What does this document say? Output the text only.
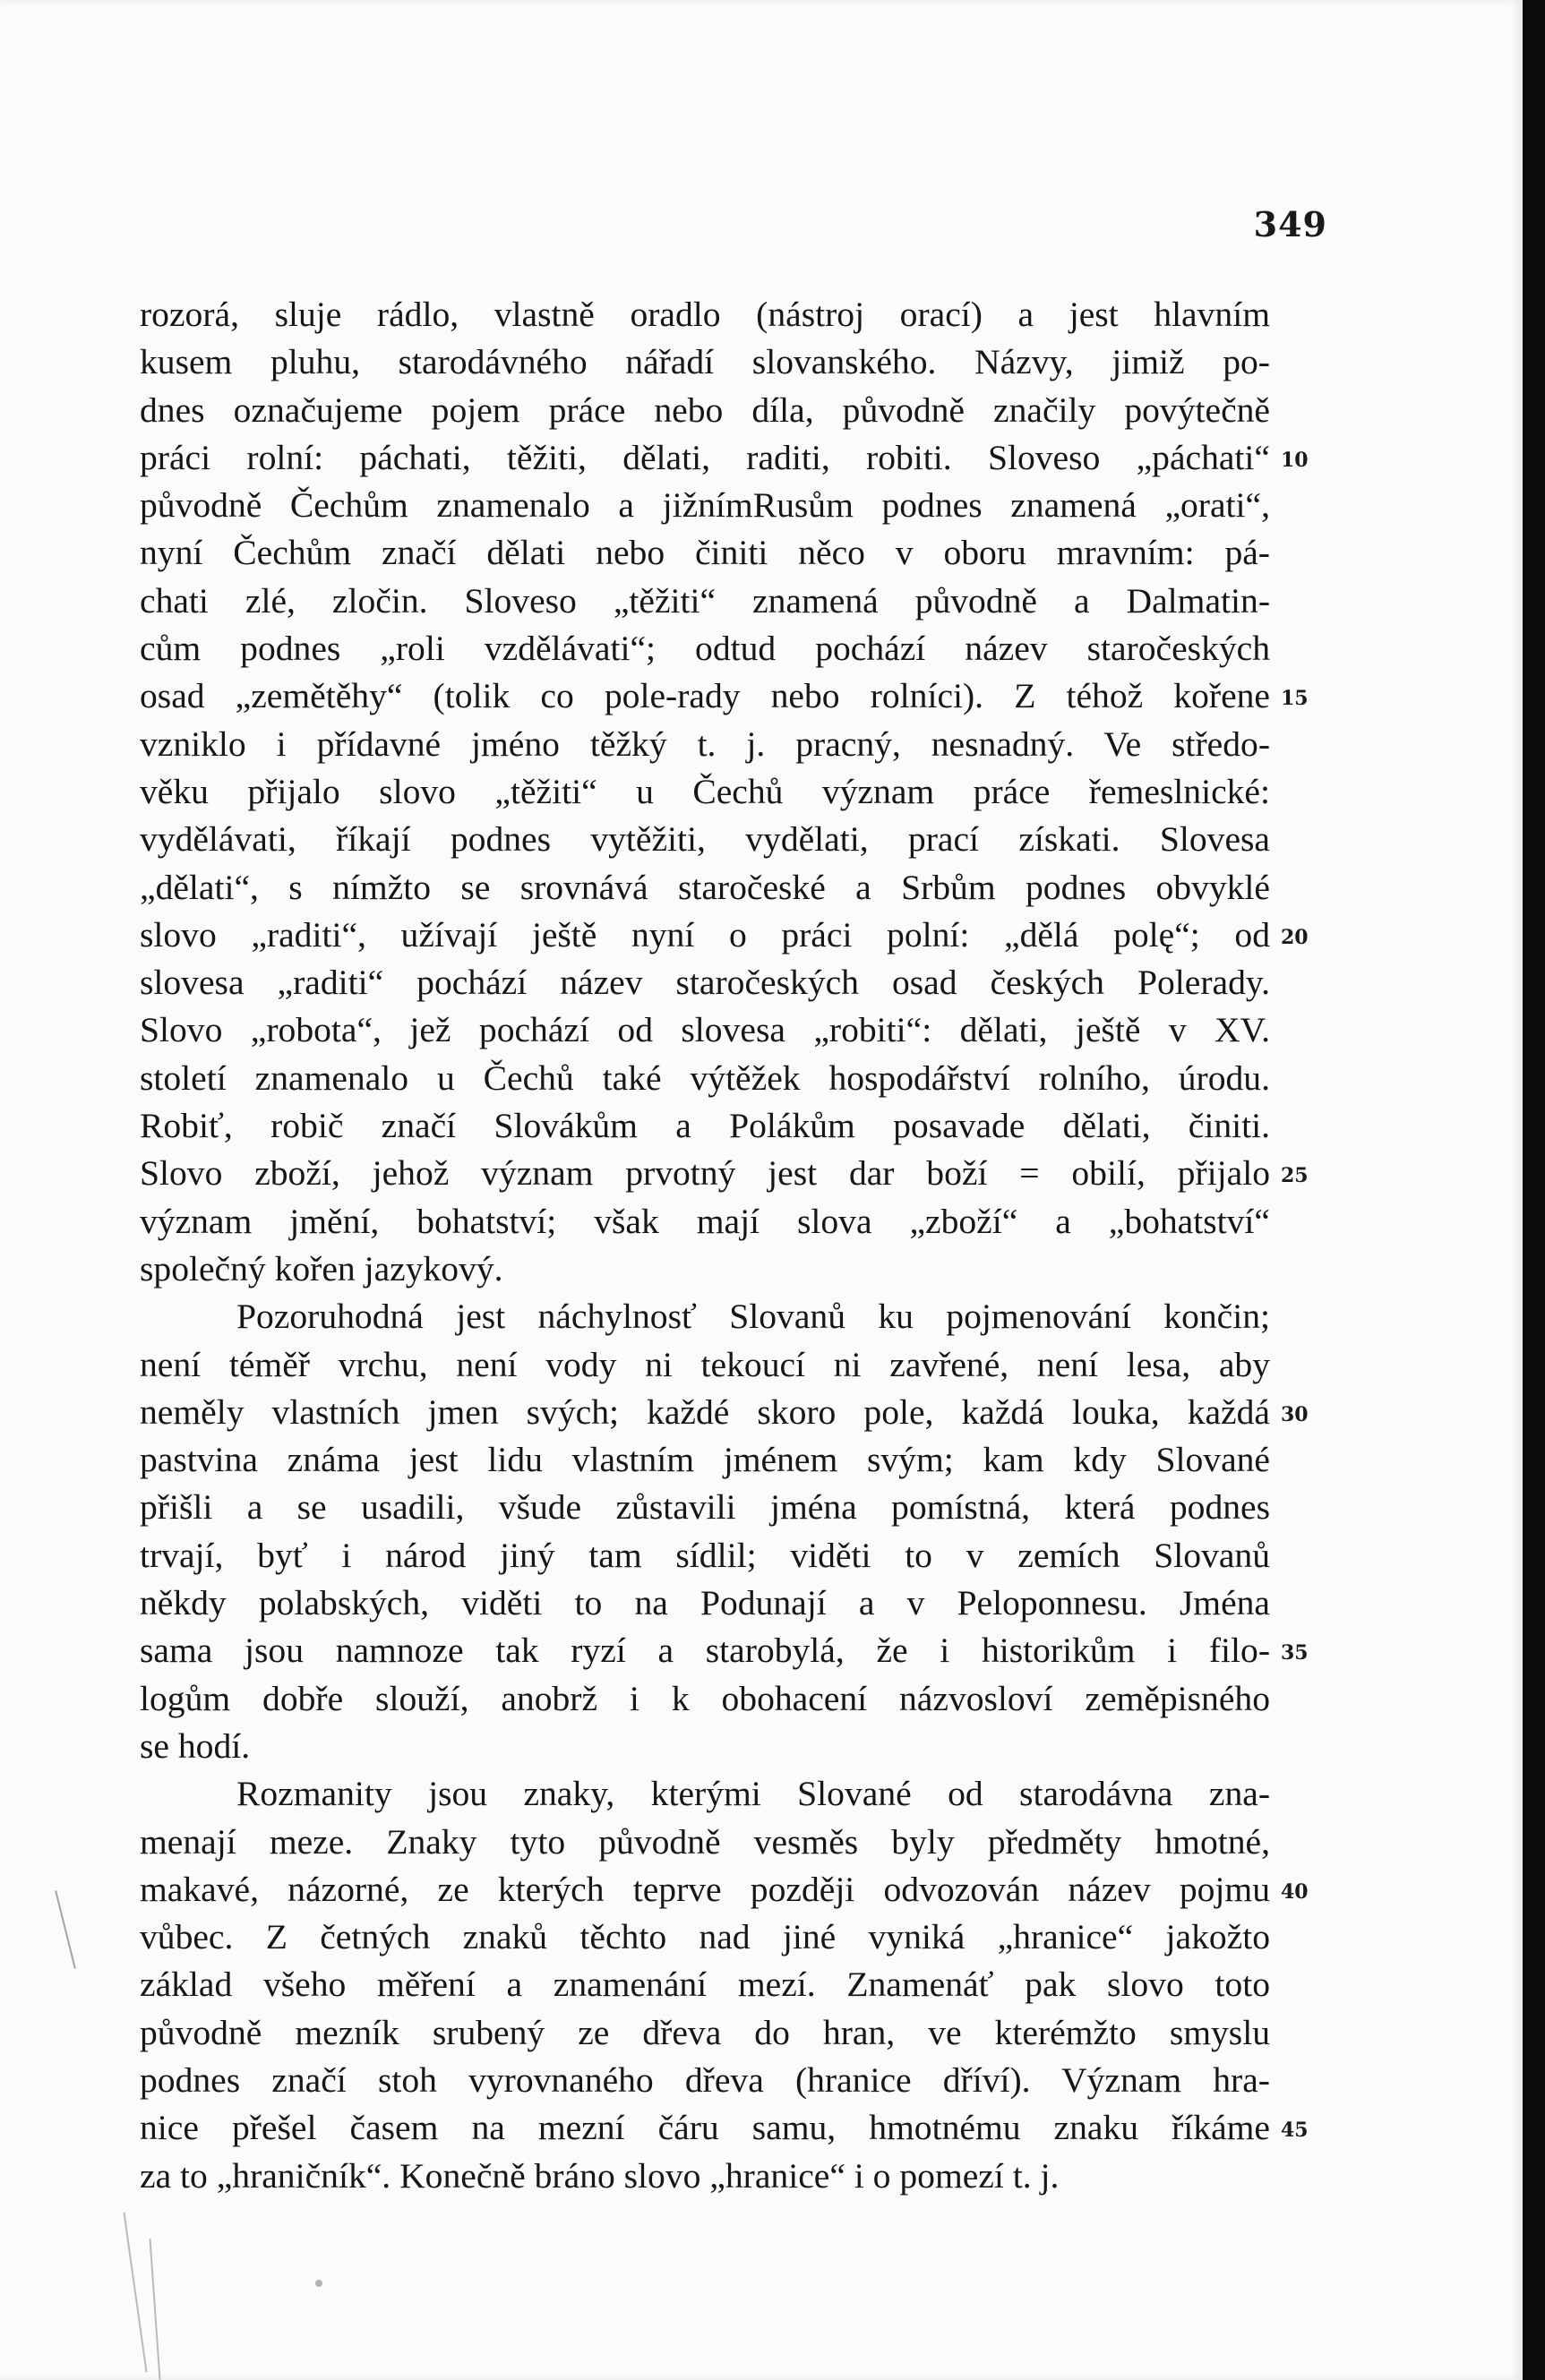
349
rozorá, sluje rádlo, vlastně oradlo (nástroj orací) a jest hlavním
kusem pluhu, starodávného nářadí slovanského. Názvy, jimiž po-
dnes označujeme pojem práce nebo díla, původně značily povýtečně
práci rolní: páchati, těžiti, dělati, raditi, robiti. Sloveso „páchati“
původně Čechům znamenalo a jižnímRusům podnes znamená „orati“,
nyní Čechům značí dělati nebo činiti něco v oboru mravním: pá-
chati zlé, zločin. Sloveso „těžiti“ znamená původně a Dalmatin-
cům podnes „roli vzdělávati“; odtud pochází název staročeských
osad „zemětěhy“ (tolik co pole-rady nebo rolníci). Z téhož kořene
vzniklo i přídavné jméno těžký t. j. pracný, nesnadný. Ve středo-
věku přijalo slovo „těžiti“ u Čechů význam práce řemeslnické:
vydělávati, říkají podnes vytěžiti, vydělati, prací získati. Slovesa
„dělati“, s nímžto se srovnává staročeské a Srbům podnes obvyklé
slovo „raditi“, užívají ještě nyní o práci polní: „dělá polę“; od
slovesa „raditi“ pochází název staročeských osad českých Polerady.
Slovo „robota“, jež pochází od slovesa „robiti“: dělati, ještě v XV.
století znamenalo u Čechů také výtěžek hospodářství rolního, úrodu.
Robiť, robič značí Slovákům a Polákům posavade dělati, činiti.
Slovo zboží, jehož význam prvotný jest dar boží = obilí, přijalo
význam jmění, bohatství; však mají slova „zboží“ a „bohatství“
společný kořen jazykový.
Pozoruhodná jest náchylnosť Slovanů ku pojmenování končin;
není téměř vrchu, není vody ni tekoucí ni zavřené, není lesa, aby
neměly vlastních jmen svých; každé skoro pole, každá louka, každá
pastvina známa jest lidu vlastním jménem svým; kam kdy Slované
přišli a se usadili, všude zůstavili jména pomístná, která podnes
trvají, byť i národ jiný tam sídlil; viděti to v zemích Slovanů
někdy polabských, viděti to na Podunají a v Peloponnesu. Jména
sama jsou namnoze tak ryzí a starobylá, že i historikům i filo-
logům dobře slouží, anobrž i k obohacení názvosloví zeměpisného
se hodí.
Rozmanity jsou znaky, kterými Slované od starodávna zna-
menají meze. Znaky tyto původně vesměs byly předměty hmotné,
makavé, názorné, ze kterých teprve později odvozován název pojmu
vůbec. Z četných znaků těchto nad jiné vyniká „hranice“ jakožto
základ všeho měření a znamenání mezí. Znamenáť pak slovo toto
původně mezník srubený ze dřeva do hran, ve kterémžto smyslu
podnes značí stoh vyrovnaného dřeva (hranice dříví). Význam hra-
nice přešel časem na mezní čáru samu, hmotnému znaku říkáme
za to „hraničník“. Konečně bráno slovo „hranice“ i o pomezí t. j.
10
15
20
25
30
35
40
45
